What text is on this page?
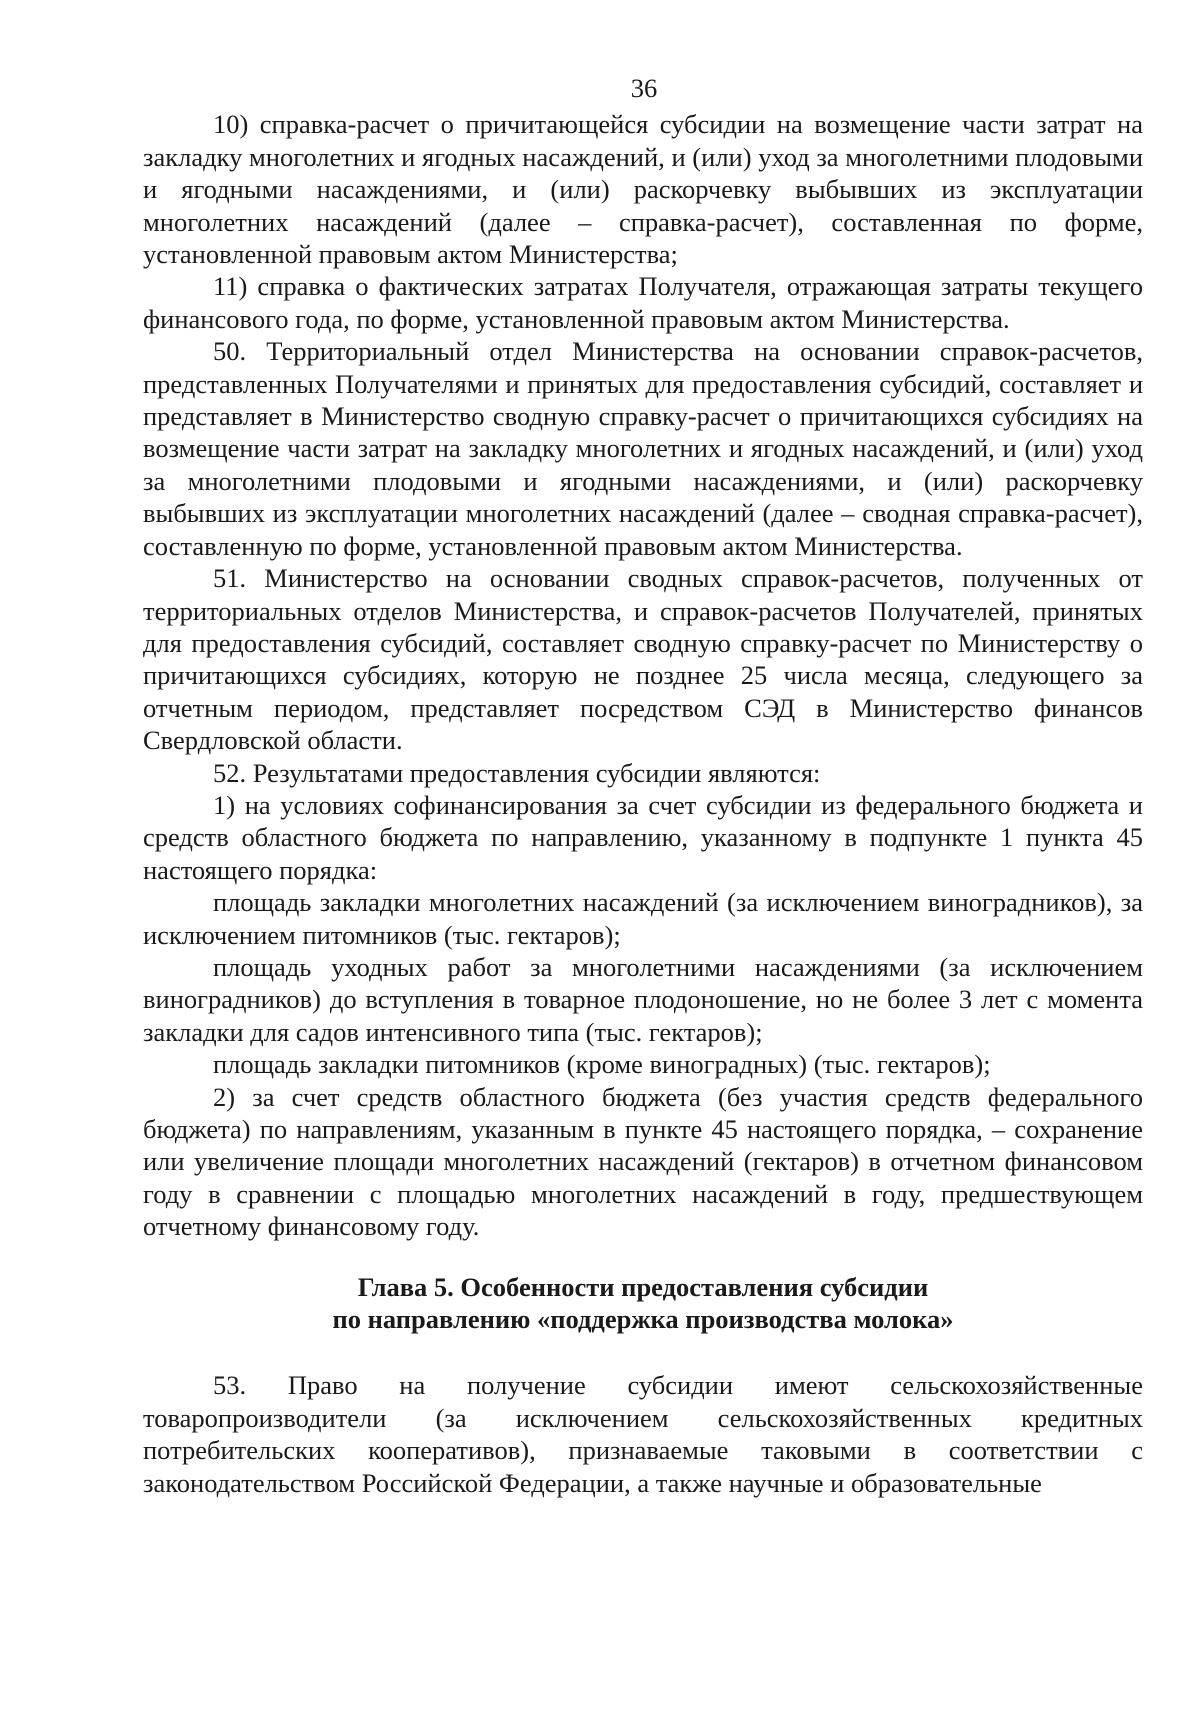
36

10) справка-расчет о причитающейся субсидии на возмещение части затрат на закладку многолетних и ягодных насаждений, и (или) уход за многолетними плодовыми и ягодными насаждениями, и (или) раскорчевку выбывших из эксплуатации многолетних насаждений (далее – справка-расчет), составленная по форме, установленной правовым актом Министерства;

11) справка о фактических затратах Получателя, отражающая затраты текущего финансового года, по форме, установленной правовым актом Министерства.

50. Территориальный отдел Министерства на основании справок-расчетов, представленных Получателями и принятых для предоставления субсидий, составляет и представляет в Министерство сводную справку-расчет о причитающихся субсидиях на возмещение части затрат на закладку многолетних и ягодных насаждений, и (или) уход за многолетними плодовыми и ягодными насаждениями, и (или) раскорчевку выбывших из эксплуатации многолетних насаждений (далее – сводная справка-расчет), составленную по форме, установленной правовым актом Министерства.

51. Министерство на основании сводных справок-расчетов, полученных от территориальных отделов Министерства, и справок-расчетов Получателей, принятых для предоставления субсидий, составляет сводную справку-расчет по Министерству о причитающихся субсидиях, которую не позднее 25 числа месяца, следующего за отчетным периодом, представляет посредством СЭД в Министерство финансов Свердловской области.

52. Результатами предоставления субсидии являются:

1) на условиях софинансирования за счет субсидии из федерального бюджета и средств областного бюджета по направлению, указанному в подпункте 1 пункта 45 настоящего порядка:

площадь закладки многолетних насаждений (за исключением виноградников), за исключением питомников (тыс. гектаров);

площадь уходных работ за многолетними насаждениями (за исключением виноградников) до вступления в товарное плодоношение, но не более 3 лет с момента закладки для садов интенсивного типа (тыс. гектаров);

площадь закладки питомников (кроме виноградных) (тыс. гектаров);

2) за счет средств областного бюджета (без участия средств федерального бюджета) по направлениям, указанным в пункте 45 настоящего порядка, – сохранение или увеличение площади многолетних насаждений (гектаров) в отчетном финансовом году в сравнении с площадью многолетних насаждений в году, предшествующем отчетному финансовому году.

Глава 5. Особенности предоставления субсидии
по направлению «поддержка производства молока»

53. Право на получение субсидии имеют сельскохозяйственные товаропроизводители (за исключением сельскохозяйственных кредитных потребительских кооперативов), признаваемые таковыми в соответствии с законодательством Российской Федерации, а также научные и образовательные
